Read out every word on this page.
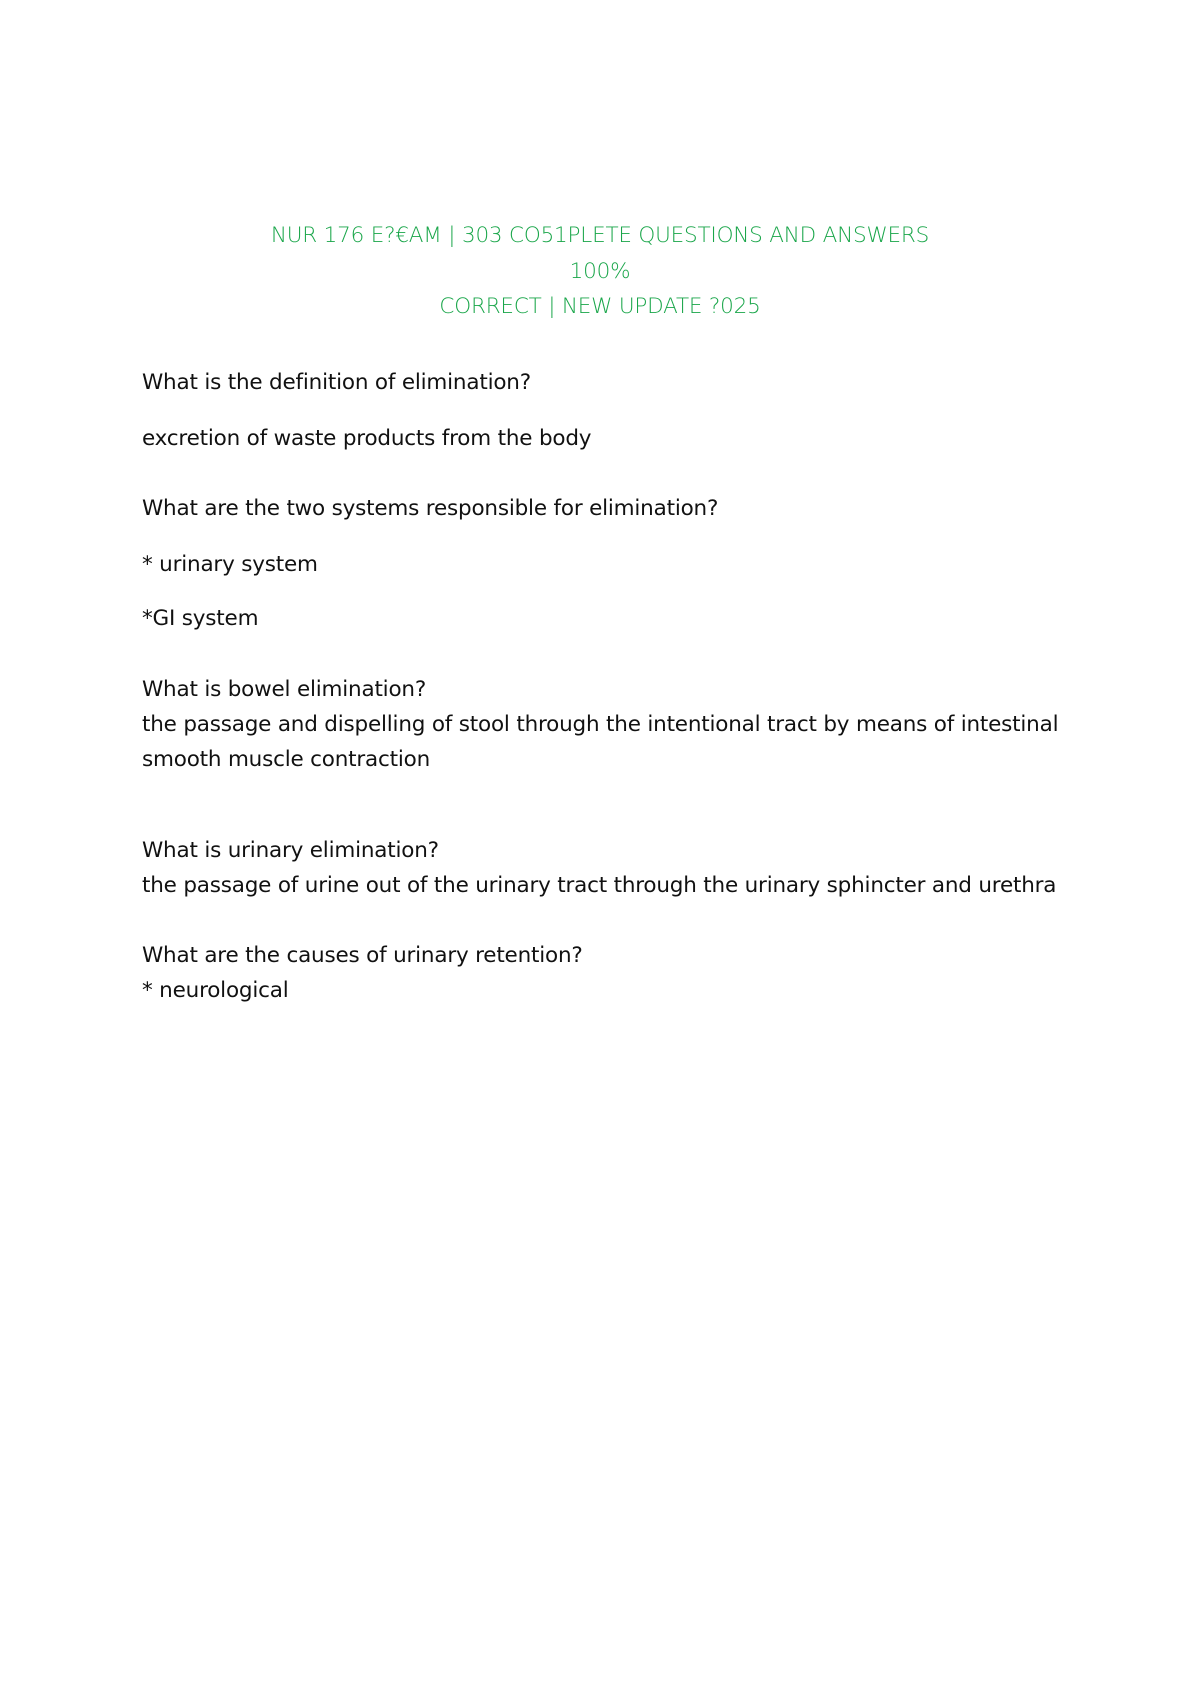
NUR 176 E?€AM | 303 CO51PLETE QUESTIONS AND ANSWERS
100%
CORRECT | NEW UPDATE ?025
What is the definition of elimination?
excretion of waste products from the body
What are the two systems responsible for elimination?
* urinary system
*GI system
What is bowel elimination?
the passage and dispelling of stool through the intentional tract by means of intestinal
smooth muscle contraction
What is urinary elimination?
the passage of urine out of the urinary tract through the urinary sphincter and urethra
What are the causes of urinary retention?
* neurological
